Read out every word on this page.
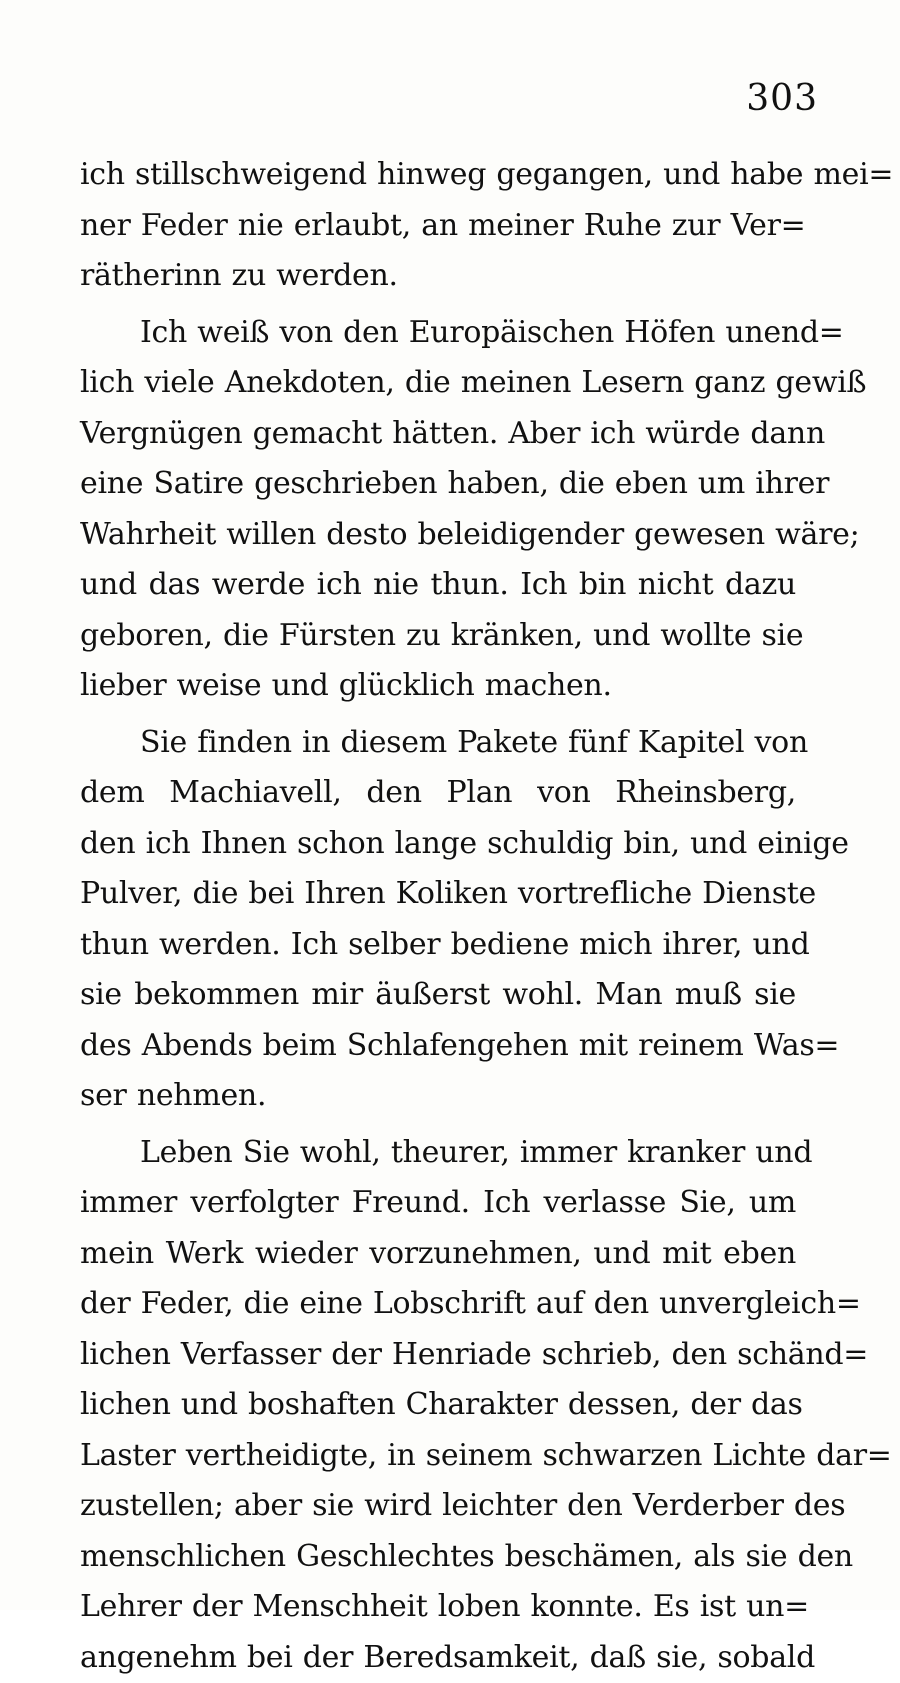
303
ich stillschweigend hinweg gegangen, und habe mei=
ner Feder nie erlaubt, an meiner Ruhe zur Ver=
rätherinn zu werden.
Ich weiß von den Europäischen Höfen unend=
lich viele Anekdoten, die meinen Lesern ganz gewiß
Vergnügen gemacht hätten. Aber ich würde dann
eine Satire geschrieben haben, die eben um ihrer
Wahrheit willen desto beleidigender gewesen wäre;
und das werde ich nie thun. Ich bin nicht dazu
geboren, die Fürsten zu kränken, und wollte sie
lieber weise und glücklich machen.
Sie finden in diesem Pakete fünf Kapitel von
dem Machiavell, den Plan von Rheinsberg,
den ich Ihnen schon lange schuldig bin, und einige
Pulver, die bei Ihren Koliken vortrefliche Dienste
thun werden. Ich selber bediene mich ihrer, und
sie bekommen mir äußerst wohl. Man muß sie
des Abends beim Schlafengehen mit reinem Was=
ser nehmen.
Leben Sie wohl, theurer, immer kranker und
immer verfolgter Freund. Ich verlasse Sie, um
mein Werk wieder vorzunehmen, und mit eben
der Feder, die eine Lobschrift auf den unvergleich=
lichen Verfasser der Henriade schrieb, den schänd=
lichen und boshaften Charakter dessen, der das
Laster vertheidigte, in seinem schwarzen Lichte dar=
zustellen; aber sie wird leichter den Verderber des
menschlichen Geschlechtes beschämen, als sie den
Lehrer der Menschheit loben konnte. Es ist un=
angenehm bei der Beredsamkeit, daß sie, sobald
